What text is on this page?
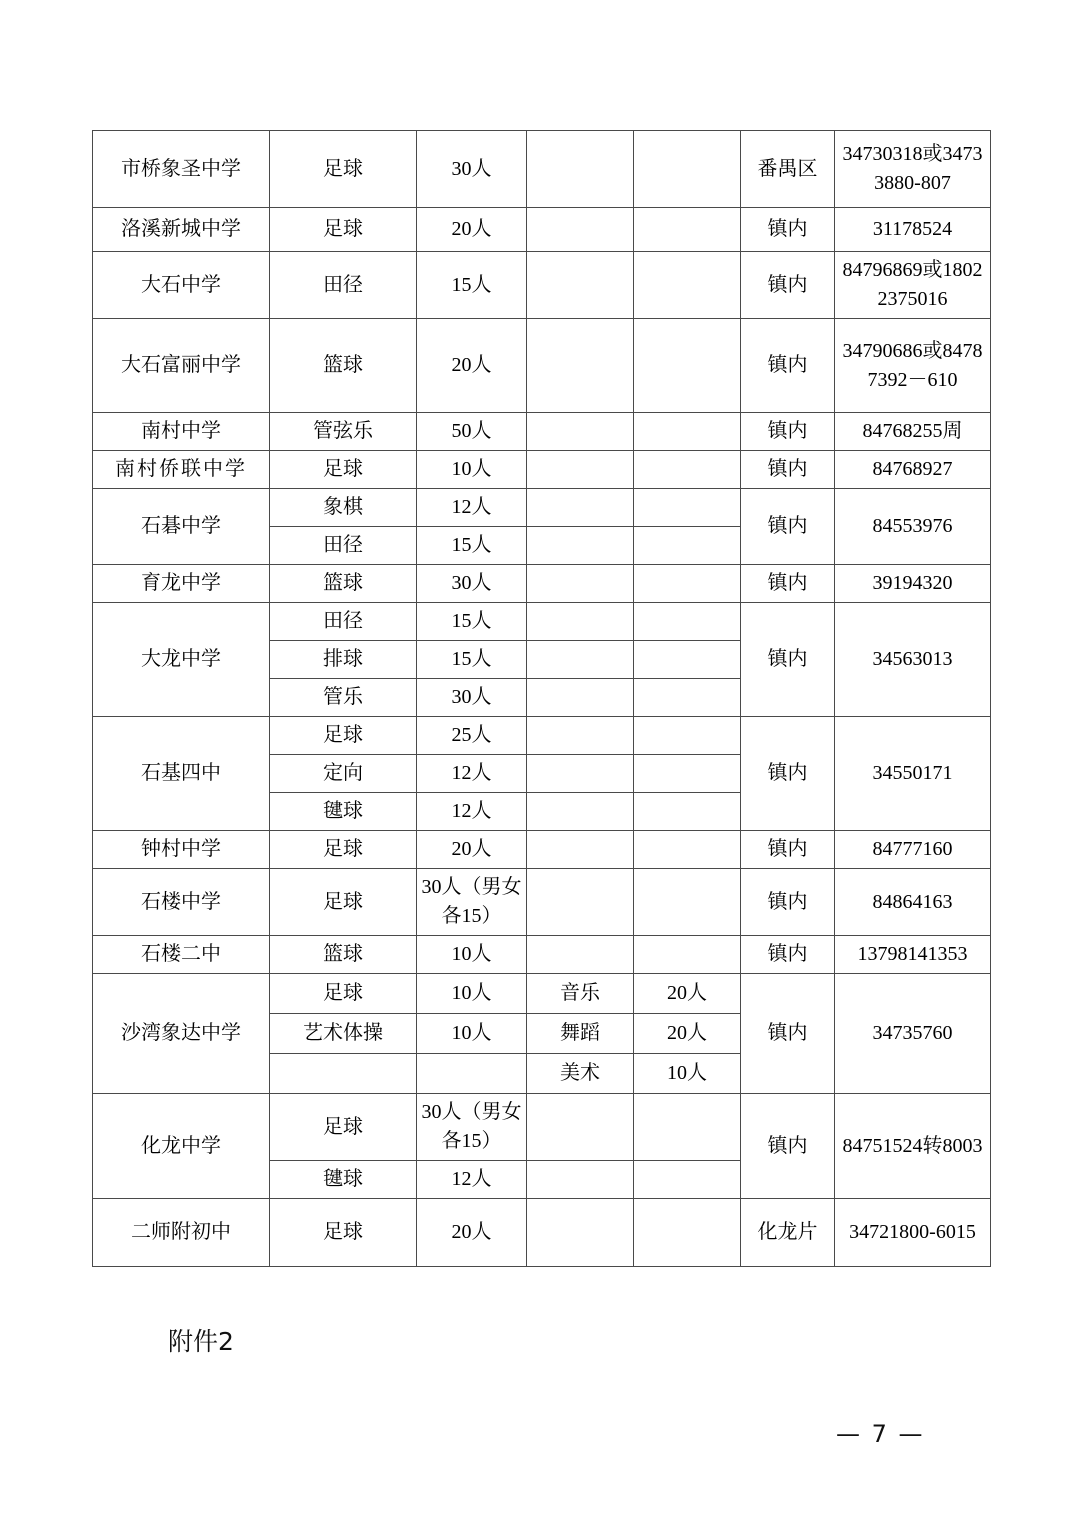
市桥象圣中学	足球	30人			番禺区	34730318或34733880-807
洛溪新城中学	足球	20人			镇内	31178524
大石中学	田径	15人			镇内	84796869或18022375016
大石富丽中学	篮球	20人			镇内	34790686或84787392－610
南村中学	管弦乐	50人			镇内	84768255周
南村侨联中学	足球	10人			镇内	84768927
石碁中学	象棋	12人			镇内	84553976
	田径	15人				
育龙中学	篮球	30人			镇内	39194320
大龙中学	田径	15人			镇内	34563013
	排球	15人				
	管乐	30人				
石基四中	足球	25人			镇内	34550171
	定向	12人				
	毽球	12人				
钟村中学	足球	20人			镇内	84777160
石楼中学	足球	30人（男女各15）			镇内	84864163
石楼二中	篮球	10人			镇内	13798141353
沙湾象达中学	足球	10人	音乐	20人	镇内	34735760
	艺术体操	10人	舞蹈	20人		
			美术	10人		
化龙中学	足球	30人（男女各15）			镇内	84751524转8003
	毽球	12人				
二师附初中	足球	20人			化龙片	34721800-6015
附件2
— 7 —
